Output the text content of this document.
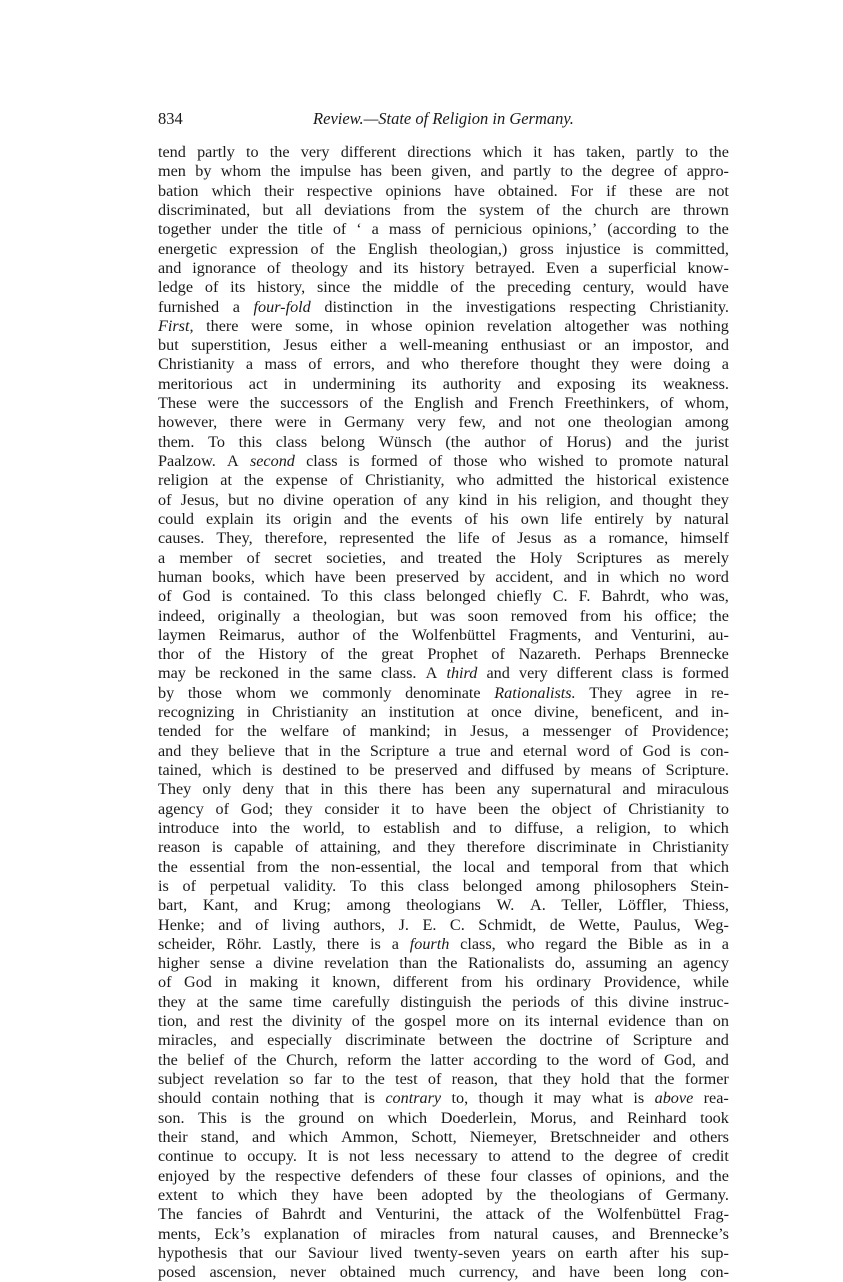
834	Review.—State of Religion in Germany.
tend partly to the very different directions which it has taken, partly to the
men by whom the impulse has been given, and partly to the degree of appro-
bation which their respective opinions have obtained. For if these are not
discriminated, but all deviations from the system of the church are thrown
together under the title of ‘ a mass of pernicious opinions,’ (according to the
energetic expression of the English theologian,) gross injustice is committed,
and ignorance of theology and its history betrayed. Even a superficial know-
ledge of its history, since the middle of the preceding century, would have
furnished a four-fold distinction in the investigations respecting Christianity.
First, there were some, in whose opinion revelation altogether was nothing
but superstition, Jesus either a well-meaning enthusiast or an impostor, and
Christianity a mass of errors, and who therefore thought they were doing a
meritorious act in undermining its authority and exposing its weakness.
These were the successors of the English and French Freethinkers, of whom,
however, there were in Germany very few, and not one theologian among
them. To this class belong Wünsch (the author of Horus) and the jurist
Paalzow. A second class is formed of those who wished to promote natural
religion at the expense of Christianity, who admitted the historical existence
of Jesus, but no divine operation of any kind in his religion, and thought they
could explain its origin and the events of his own life entirely by natural
causes. They, therefore, represented the life of Jesus as a romance, himself
a member of secret societies, and treated the Holy Scriptures as merely
human books, which have been preserved by accident, and in which no word
of God is contained. To this class belonged chiefly C. F. Bahrdt, who was,
indeed, originally a theologian, but was soon removed from his office; the
laymen Reimarus, author of the Wolfenbüttel Fragments, and Venturini, au-
thor of the History of the great Prophet of Nazareth. Perhaps Brennecke
may be reckoned in the same class. A third and very different class is formed
by those whom we commonly denominate Rationalists. They agree in re-
recognizing in Christianity an institution at once divine, beneficent, and in-
tended for the welfare of mankind; in Jesus, a messenger of Providence;
and they believe that in the Scripture a true and eternal word of God is con-
tained, which is destined to be preserved and diffused by means of Scripture.
They only deny that in this there has been any supernatural and miraculous
agency of God; they consider it to have been the object of Christianity to
introduce into the world, to establish and to diffuse, a religion, to which
reason is capable of attaining, and they therefore discriminate in Christianity
the essential from the non-essential, the local and temporal from that which
is of perpetual validity. To this class belonged among philosophers Stein-
bart, Kant, and Krug; among theologians W. A. Teller, Löffler, Thiess,
Henke; and of living authors, J. E. C. Schmidt, de Wette, Paulus, Weg-
scheider, Röhr. Lastly, there is a fourth class, who regard the Bible as in a
higher sense a divine revelation than the Rationalists do, assuming an agency
of God in making it known, different from his ordinary Providence, while
they at the same time carefully distinguish the periods of this divine instruc-
tion, and rest the divinity of the gospel more on its internal evidence than on
miracles, and especially discriminate between the doctrine of Scripture and
the belief of the Church, reform the latter according to the word of God, and
subject revelation so far to the test of reason, that they hold that the former
should contain nothing that is contrary to, though it may what is above rea-
son. This is the ground on which Doederlein, Morus, and Reinhard took
their stand, and which Ammon, Schott, Niemeyer, Bretschneider and others
continue to occupy. It is not less necessary to attend to the degree of credit
enjoyed by the respective defenders of these four classes of opinions, and the
extent to which they have been adopted by the theologians of Germany.
The fancies of Bahrdt and Venturini, the attack of the Wolfenbüttel Frag-
ments, Eck’s explanation of miracles from natural causes, and Brennecke’s
hypothesis that our Saviour lived twenty-seven years on earth after his sup-
posed ascension, never obtained much currency, and have been long con-
